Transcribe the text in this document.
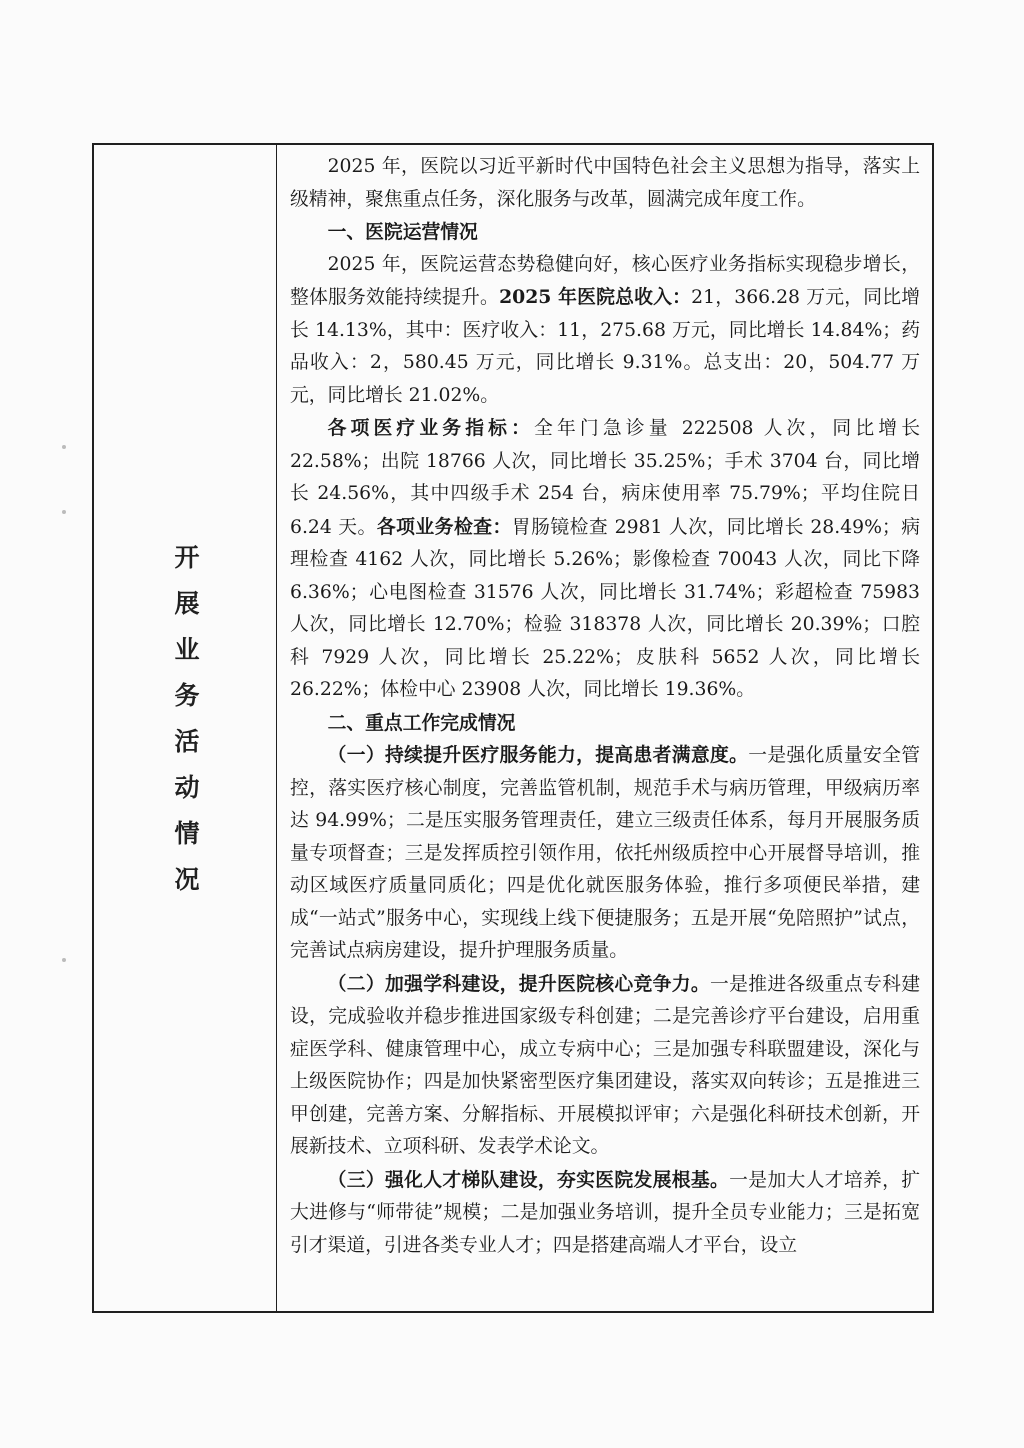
开展业务活动情况

2025 年，医院以习近平新时代中国特色社会主义思想为指导，落实上级精神，聚焦重点任务，深化服务与改革，圆满完成年度工作。

一、医院运营情况

2025 年，医院运营态势稳健向好，核心医疗业务指标实现稳步增长，整体服务效能持续提升。2025 年医院总收入：21，366.28 万元，同比增长 14.13%，其中：医疗收入：11，275.68 万元，同比增长 14.84%；药品收入：2，580.45 万元，同比增长 9.31%。总支出：20，504.77 万元，同比增长 21.02%。

各项医疗业务指标：全年门急诊量 222508 人次，同比增长 22.58%；出院 18766 人次，同比增长 35.25%；手术 3704 台，同比增长 24.56%，其中四级手术 254 台，病床使用率 75.79%；平均住院日 6.24 天。各项业务检查：胃肠镜检查 2981 人次，同比增长 28.49%；病理检查 4162 人次，同比增长 5.26%；影像检查 70043 人次，同比下降 6.36%；心电图检查 31576 人次，同比增长 31.74%；彩超检查 75983 人次，同比增长 12.70%；检验 318378 人次，同比增长 20.39%；口腔科 7929 人次，同比增长 25.22%；皮肤科 5652 人次，同比增长 26.22%；体检中心 23908 人次，同比增长 19.36%。

二、重点工作完成情况

（一）持续提升医疗服务能力，提高患者满意度。一是强化质量安全管控，落实医疗核心制度，完善监管机制，规范手术与病历管理，甲级病历率达 94.99%；二是压实服务管理责任，建立三级责任体系，每月开展服务质量专项督查；三是发挥质控引领作用，依托州级质控中心开展督导培训，推动区域医疗质量同质化；四是优化就医服务体验，推行多项便民举措，建成“一站式”服务中心，实现线上线下便捷服务；五是开展“免陪照护”试点，完善试点病房建设，提升护理服务质量。

（二）加强学科建设，提升医院核心竞争力。一是推进各级重点专科建设，完成验收并稳步推进国家级专科创建；二是完善诊疗平台建设，启用重症医学科、健康管理中心，成立专病中心；三是加强专科联盟建设，深化与上级医院协作；四是加快紧密型医疗集团建设，落实双向转诊；五是推进三甲创建，完善方案、分解指标、开展模拟评审；六是强化科研技术创新，开展新技术、立项科研、发表学术论文。

（三）强化人才梯队建设，夯实医院发展根基。一是加大人才培养，扩大进修与“师带徒”规模；二是加强业务培训，提升全员专业能力；三是拓宽引才渠道，引进各类专业人才；四是搭建高端人才平台，设立
